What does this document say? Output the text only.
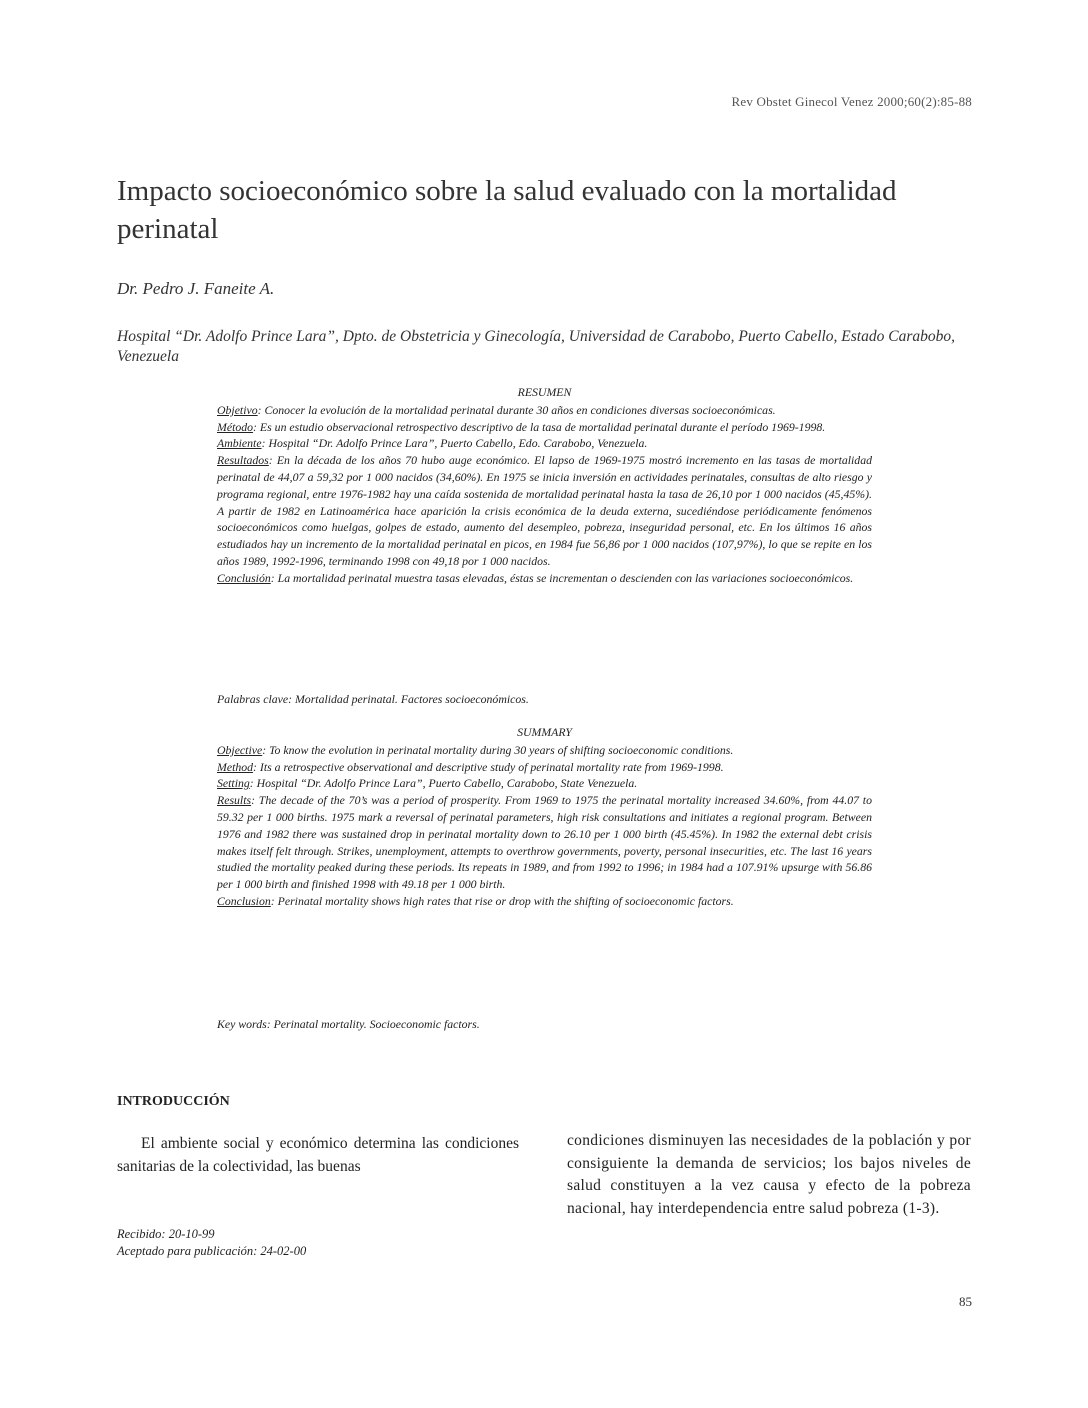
Rev Obstet Ginecol Venez 2000;60(2):85-88
Impacto socioeconómico sobre la salud evaluado con la mortalidad perinatal
Dr. Pedro J. Faneite A.
Hospital “Dr. Adolfo Prince Lara”, Dpto. de Obstetricia y Ginecología, Universidad de Carabobo, Puerto Cabello, Estado Carabobo, Venezuela
RESUMEN

Objetivo: Conocer la evolución de la mortalidad perinatal durante 30 años en condiciones diversas socioeconómicas.

Método: Es un estudio observacional retrospectivo descriptivo de la tasa de mortalidad perinatal durante el período 1969-1998.

Ambiente: Hospital “Dr. Adolfo Prince Lara”, Puerto Cabello, Edo. Carabobo, Venezuela.

Resultados: En la década de los años 70 hubo auge económico. El lapso de 1969-1975 mostró incremento en las tasas de mortalidad perinatal de 44,07 a 59,32 por 1 000 nacidos (34,60%). En 1975 se inicia inversión en actividades perinatales, consultas de alto riesgo y programa regional, entre 1976-1982 hay una caída sostenida de mortalidad perinatal hasta la tasa de 26,10 por 1 000 nacidos (45,45%). A partir de 1982 en Latinoamérica hace aparición la crisis económica de la deuda externa, sucediéndose periódicamente fenómenos socioeconómicos como huelgas, golpes de estado, aumento del desempleo, pobreza, inseguridad personal, etc. En los últimos 16 años estudiados hay un incremento de la mortalidad perinatal en picos, en 1984 fue 56,86 por 1 000 nacidos (107,97%), lo que se repite en los años 1989, 1992-1996, terminando 1998 con 49,18 por 1 000 nacidos.

Conclusión: La mortalidad perinatal muestra tasas elevadas, éstas se incrementan o descienden con las variaciones socioeconómicos.

Palabras clave: Mortalidad perinatal. Factores socioeconómicos.
SUMMARY

Objective: To know the evolution in perinatal mortality during 30 years of shifting socioeconomic conditions.

Method: Its a retrospective observational and descriptive study of perinatal mortality rate from 1969-1998.

Setting: Hospital “Dr. Adolfo Prince Lara”, Puerto Cabello, Carabobo, State Venezuela.

Results: The decade of the 70’s was a period of prosperity. From 1969 to 1975 the perinatal mortality increased 34.60%, from 44.07 to 59.32 per 1 000 births. 1975 mark a reversal of perinatal parameters, high risk consultations and initiates a regional program. Between 1976 and 1982 there was sustained drop in perinatal mortality down to 26.10 per 1 000 birth (45.45%). In 1982 the external debt crisis makes itself felt through. Strikes, unemployment, attempts to overthrow governments, poverty, personal insecurities, etc. The last 16 years studied the mortality peaked during these periods. Its repeats in 1989, and from 1992 to 1996; in 1984 had a 107.91% upsurge with 56.86 per 1 000 birth and finished 1998 with 49.18 per 1 000 birth.

Conclusion: Perinatal mortality shows high rates that rise or drop with the shifting of socioeconomic factors.

Key words: Perinatal mortality. Socioeconomic factors.
INTRODUCCIÓN

El ambiente social y económico determina las condiciones sanitarias de la colectividad, las buenas

condiciones disminuyen las necesidades de la población y por consiguiente la demanda de servicios; los bajos niveles de salud constituyen a la vez causa y efecto de la pobreza nacional, hay interdependencia entre salud pobreza (1-3).

Recibido: 20-10-99
Aceptado para publicación: 24-02-00
85
